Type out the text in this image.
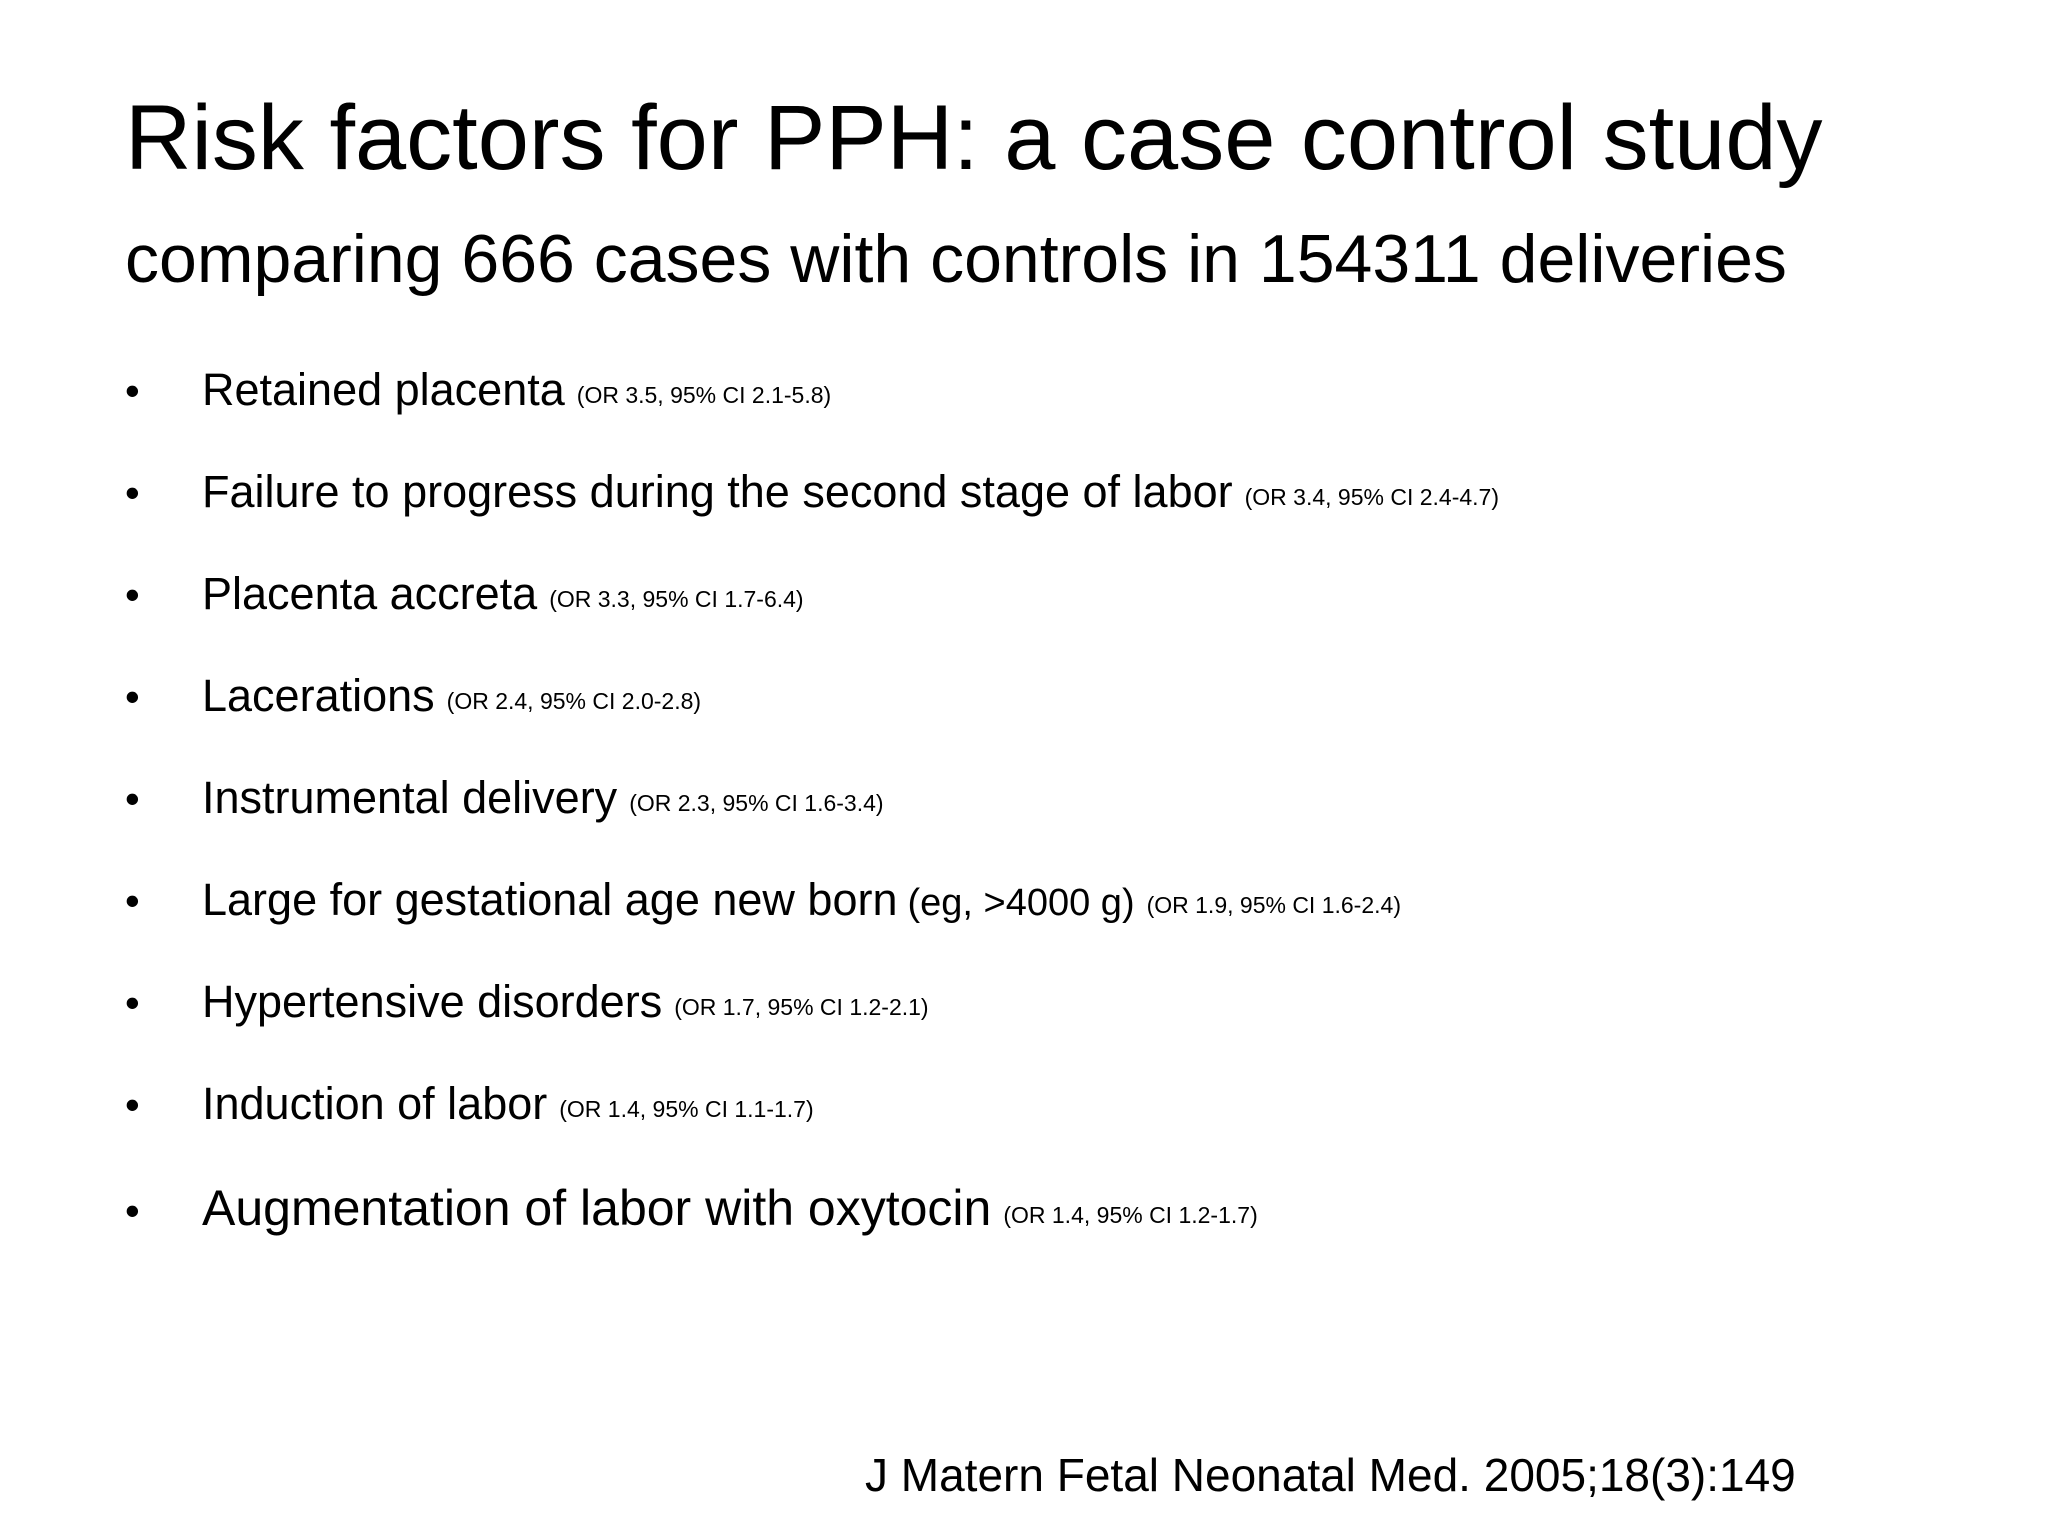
Risk factors for PPH: a case control study
comparing 666 cases with controls in 154311 deliveries
•	Retained placenta (OR 3.5, 95% CI 2.1-5.8)
•	Failure to progress during the second stage of labor (OR 3.4, 95% CI 2.4-4.7)
•	Placenta accreta (OR 3.3, 95% CI 1.7-6.4)
•	Lacerations (OR 2.4, 95% CI 2.0-2.8)
•	Instrumental delivery (OR 2.3, 95% CI 1.6-3.4)
•	Large for gestational age new born (eg, >4000 g) (OR 1.9, 95% CI 1.6-2.4)
•	Hypertensive disorders (OR 1.7, 95% CI 1.2-2.1)
•	Induction of labor (OR 1.4, 95% CI 1.1-1.7)
•	Augmentation of labor with oxytocin (OR 1.4, 95% CI 1.2-1.7)
J Matern Fetal Neonatal Med. 2005;18(3):149
